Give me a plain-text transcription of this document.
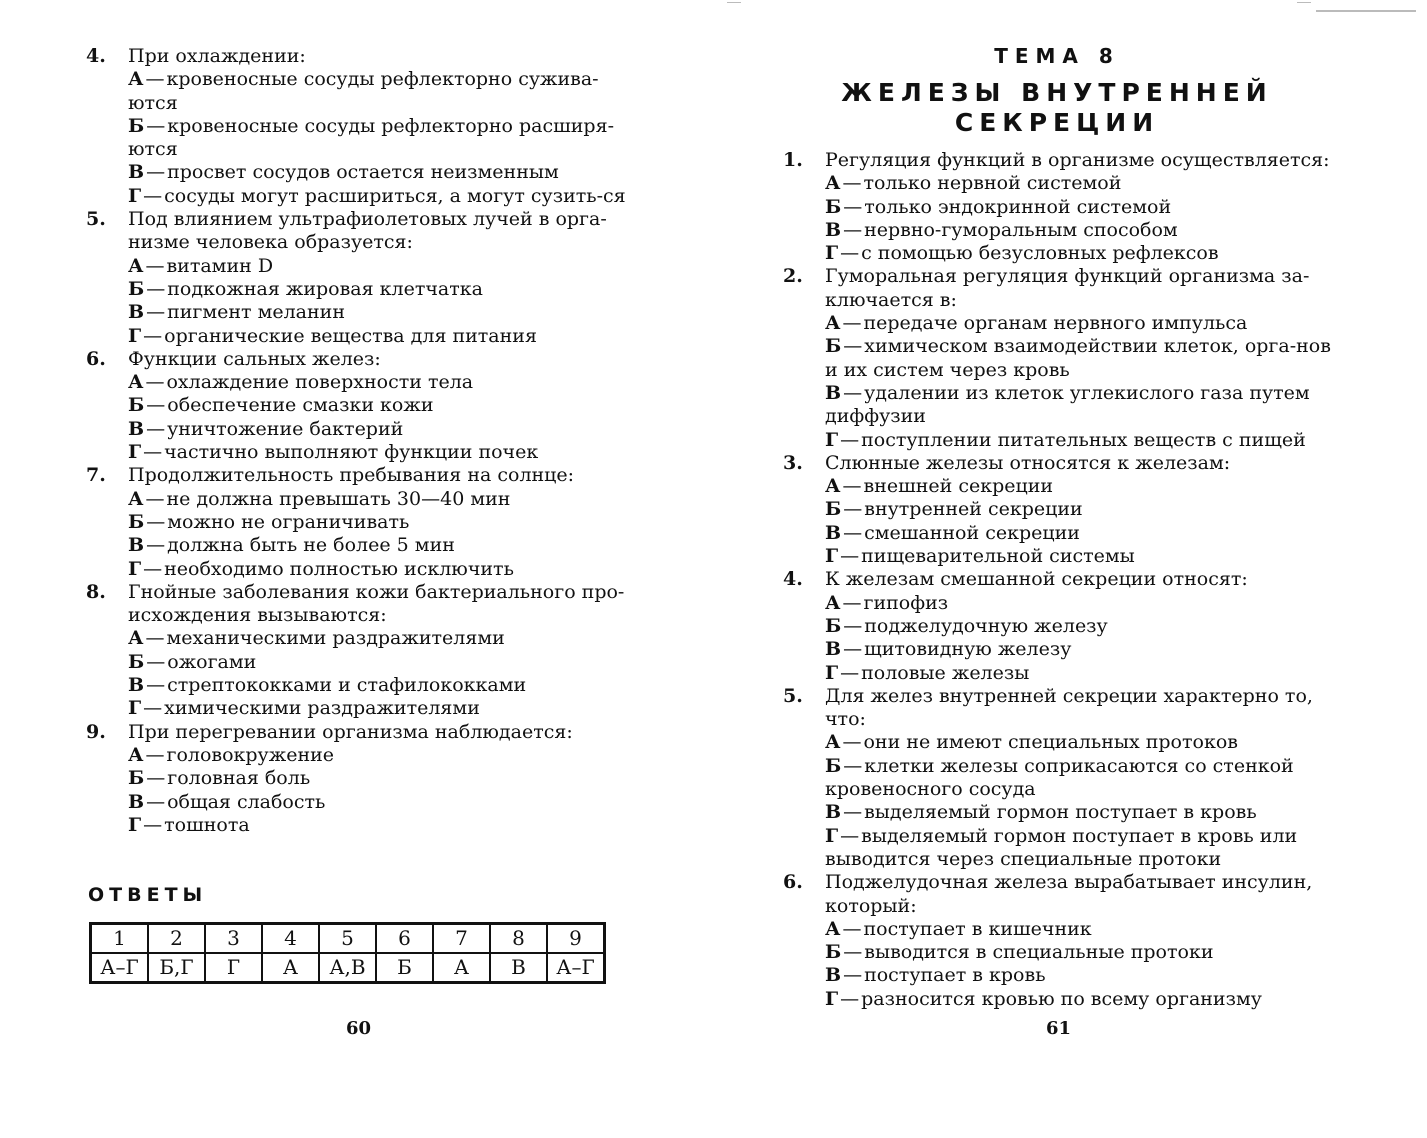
4. При охлаждении:
А — кровеносные сосуды рефлекторно сужива-ются
Б — кровеносные сосуды рефлекторно расширя-ются
В — просвет сосудов остается неизменным
Г — сосуды могут расшириться, а могут сузить-ся
5. Под влиянием ультрафиолетовых лучей в орга-низме человека образуется:
А — витамин D
Б — подкожная жировая клетчатка
В — пигмент меланин
Г — органические вещества для питания
6. Функции сальных желез:
А — охлаждение поверхности тела
Б — обеспечение смазки кожи
В — уничтожение бактерий
Г — частично выполняют функции почек
7. Продолжительность пребывания на солнце:
А — не должна превышать 30—40 мин
Б — можно не ограничивать
В — должна быть не более 5 мин
Г — необходимо полностью исключить
8. Гнойные заболевания кожи бактериального про-исхождения вызываются:
А — механическими раздражителями
Б — ожогами
В — стрептококками и стафилококками
Г — химическими раздражителями
9. При перегревании организма наблюдается:
А — головокружение
Б — головная боль
В — общая слабость
Г — тошнота
ОТВЕТЫ
1	2	3	4	5	6	7	8	9
А–Г	Б,Г	Г	А	А,В	Б	А	В	А–Г

60

ТЕМА 8
ЖЕЛЕЗЫ ВНУТРЕННЕЙ
СЕКРЕЦИИ
1. Регуляция функций в организме осуществляется:
А — только нервной системой
Б — только эндокринной системой
В — нервно-гуморальным способом
Г — с помощью безусловных рефлексов
2. Гуморальная регуляция функций организма за-ключается в:
А — передаче органам нервного импульса
Б — химическом взаимодействии клеток, орга-нов и их систем через кровь
В — удалении из клеток углекислого газа путем диффузии
Г — поступлении питательных веществ с пищей
3. Слюнные железы относятся к железам:
А — внешней секреции
Б — внутренней секреции
В — смешанной секреции
Г — пищеварительной системы
4. К железам смешанной секреции относят:
А — гипофиз
Б — поджелудочную железу
В — щитовидную железу
Г — половые железы
5. Для желез внутренней секреции характерно то, что:
А — они не имеют специальных протоков
Б — клетки железы соприкасаются со стенкой кровеносного сосуда
В — выделяемый гормон поступает в кровь
Г — выделяемый гормон поступает в кровь или выводится через специальные протоки
6. Поджелудочная железа вырабатывает инсулин, который:
А — поступает в кишечник
Б — выводится в специальные протоки
В — поступает в кровь
Г — разносится кровью по всему организму

61
